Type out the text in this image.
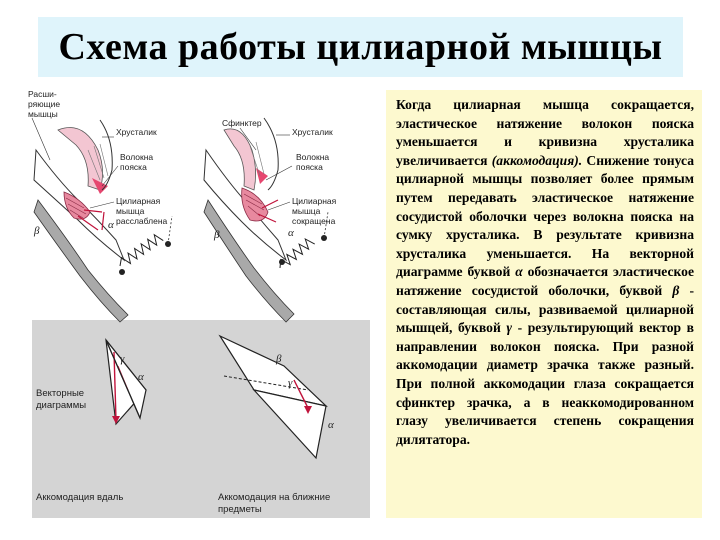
Схема работы цилиарной мышцы
Расши-
ряющие
мышцы
Хрусталик
Волокна
пояска
Цилиарная
мышца
расслаблена
Сфинктер
Хрусталик
Волокна
пояска
Цилиарная
мышца
сокращена
β	α
β	α
α
γ	β
α
γ
Векторные
диаграммы
Аккомодация вдаль	Аккомодация на ближние
предметы

Когда цилиарная мышца сокращается, эластическое натяжение волокон пояска уменьшается и кривизна хрусталика увеличивается (аккомодация). Снижение тонуса цилиарной мышцы позволяет более прямым путем передавать эластическое натяжение сосудистой оболочки через волокна пояска на сумку хрусталика. В результате кривизна хрусталика уменьшается. На векторной диаграмме буквой α обозначается эластическое натяжение сосудистой оболочки, буквой β - составляющая силы, развиваемой цилиарной мышцей, буквой γ - результирующий вектор в направлении волокон пояска. При разной аккомодации диаметр зрачка также разный. При полной аккомодации глаза сокращается сфинктер зрачка, а в неаккомодированном глазу увеличивается степень сокращения дилятатора.
